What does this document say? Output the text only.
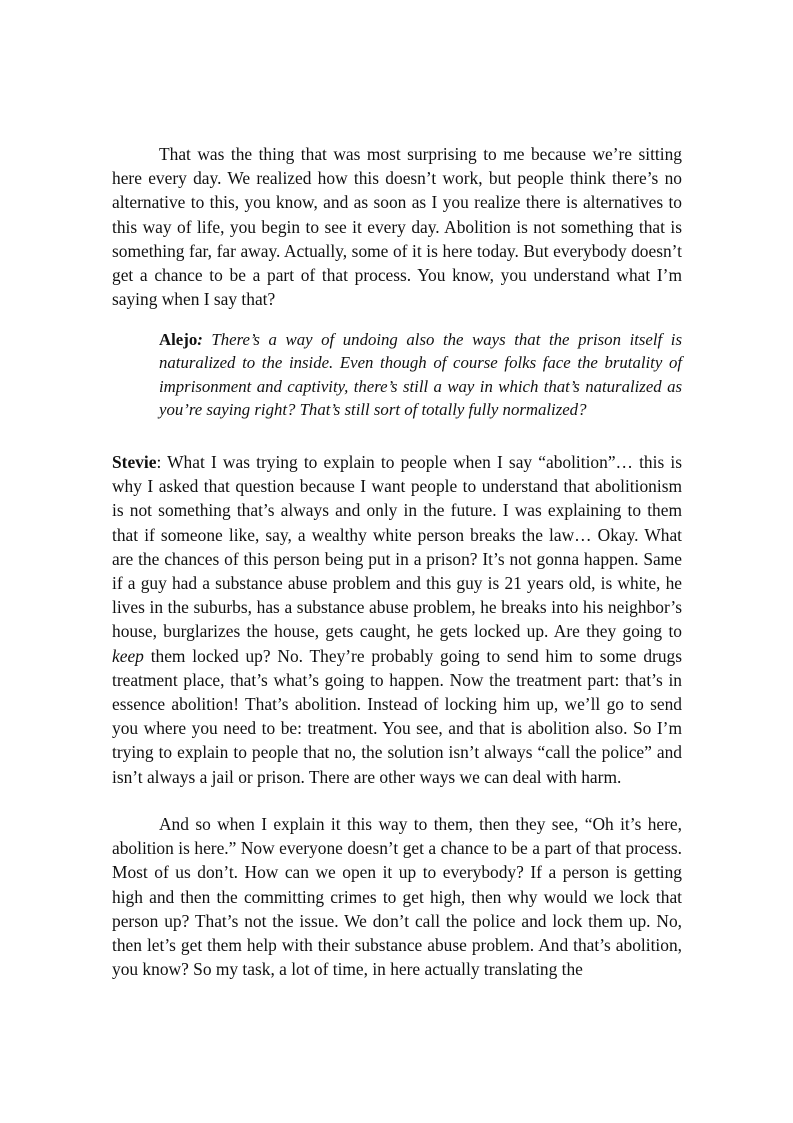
That was the thing that was most surprising to me because we’re sitting here every day. We realized how this doesn’t work, but people think there’s no alternative to this, you know, and as soon as I you realize there is alternatives to this way of life, you begin to see it every day. Abolition is not something that is something far, far away. Actually, some of it is here today. But everybody doesn’t get a chance to be a part of that process. You know, you understand what I’m saying when I say that?

Alejo: There’s a way of undoing also the ways that the prison itself is naturalized to the inside. Even though of course folks face the brutality of imprisonment and captivity, there’s still a way in which that’s naturalized as you’re saying right? That’s still sort of totally fully normalized?

Stevie: What I was trying to explain to people when I say “abolition”… this is why I asked that question because I want people to understand that abolitionism is not something that’s always and only in the future. I was explaining to them that if someone like, say, a wealthy white person breaks the law… Okay. What are the chances of this person being put in a prison? It’s not gonna happen. Same if a guy had a substance abuse problem and this guy is 21 years old, is white, he lives in the suburbs, has a substance abuse problem, he breaks into his neighbor’s house, burglarizes the house, gets caught, he gets locked up. Are they going to keep them locked up? No. They’re probably going to send him to some drugs treatment place, that’s what’s going to happen. Now the treatment part: that’s in essence abolition! That’s abolition. Instead of locking him up, we’ll go to send you where you need to be: treatment. You see, and that is abolition also. So I’m trying to explain to people that no, the solution isn’t always “call the police” and isn’t always a jail or prison. There are other ways we can deal with harm.

And so when I explain it this way to them, then they see, “Oh it’s here, abolition is here.” Now everyone doesn’t get a chance to be a part of that process. Most of us don’t. How can we open it up to everybody? If a person is getting high and then the committing crimes to get high, then why would we lock that person up? That’s not the issue. We don’t call the police and lock them up. No, then let’s get them help with their substance abuse problem. And that’s abolition, you know? So my task, a lot of time, in here actually translating the
